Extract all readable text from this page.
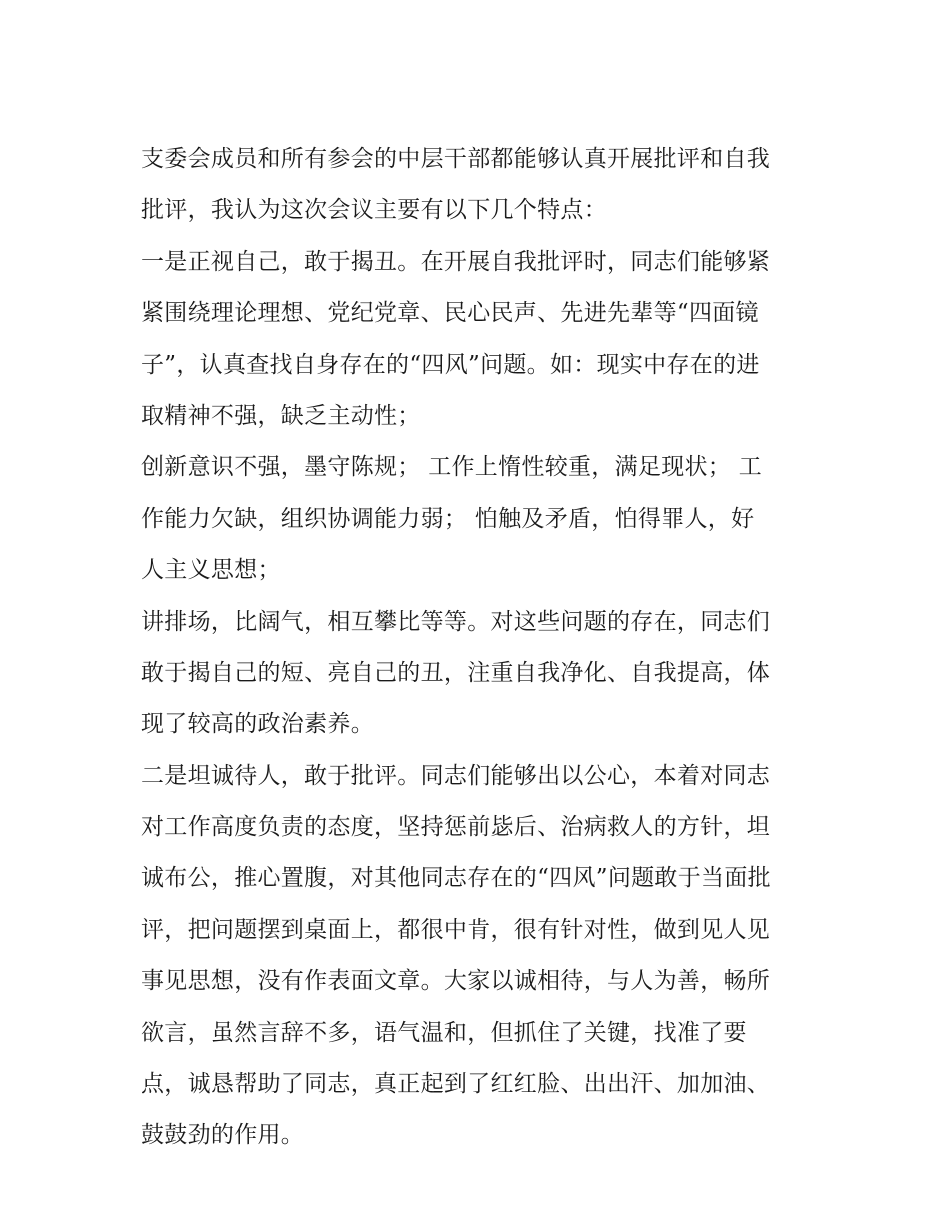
支委会成员和所有参会的中层干部都能够认真开展批评和自我
批评，我认为这次会议主要有以下几个特点：
一是正视自己，敢于揭丑。在开展自我批评时，同志们能够紧
紧围绕理论理想、党纪党章、民心民声、先进先辈等“四面镜
子”，认真查找自身存在的“四风”问题。如：现实中存在的进
取精神不强，缺乏主动性；
创新意识不强，墨守陈规； 工作上惰性较重，满足现状； 工
作能力欠缺，组织协调能力弱； 怕触及矛盾，怕得罪人，好
人主义思想；
讲排场，比阔气，相互攀比等等。对这些问题的存在，同志们
敢于揭自己的短、亮自己的丑，注重自我净化、自我提高，体
现了较高的政治素养。
二是坦诚待人，敢于批评。同志们能够出以公心，本着对同志
对工作高度负责的态度，坚持惩前毖后、治病救人的方针，坦
诚布公，推心置腹，对其他同志存在的“四风”问题敢于当面批
评，把问题摆到桌面上，都很中肯，很有针对性，做到见人见
事见思想，没有作表面文章。大家以诚相待，与人为善，畅所
欲言，虽然言辞不多，语气温和，但抓住了关键，找准了要
点，诚恳帮助了同志，真正起到了红红脸、出出汗、加加油、
鼓鼓劲的作用。
